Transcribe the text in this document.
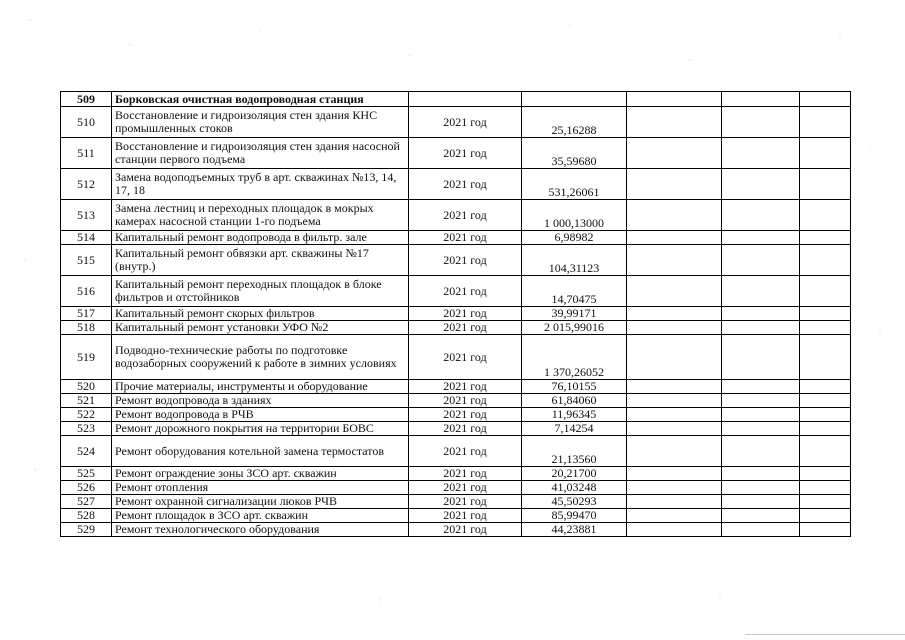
509	Борковская очистная водопроводная станция					
510	Восстановление и гидроизоляция стен здания КНС промышленных стоков	2021 год	25,16288			
511	Восстановление и гидроизоляция стен здания насосной станции первого подъема	2021 год	35,59680			
512	Замена водоподъемных труб в арт. скважинах №13, 14, 17, 18	2021 год	531,26061			
513	Замена лестниц и переходных площадок в мокрых камерах насосной станции 1-го подъема	2021 год	1 000,13000			
514	Капитальный ремонт водопровода в фильтр. зале	2021 год	6,98982			
515	Капитальный ремонт обвязки арт. скважины №17 (внутр.)	2021 год	104,31123			
516	Капитальный ремонт переходных площадок в блоке фильтров и отстойников	2021 год	14,70475			
517	Капитальный ремонт скорых фильтров	2021 год	39,99171			
518	Капитальный ремонт установки УФО №2	2021 год	2 015,99016			
519	Подводно-технические работы по подготовке водозаборных сооружений к работе в зимних условиях	2021 год	1 370,26052			
520	Прочие материалы, инструменты и оборудование	2021 год	76,10155			
521	Ремонт водопровода в зданиях	2021 год	61,84060			
522	Ремонт водопровода в РЧВ	2021 год	11,96345			
523	Ремонт дорожного покрытия на территории БОВС	2021 год	7,14254			
524	Ремонт оборудования котельной замена термостатов	2021 год	21,13560			
525	Ремонт ограждение зоны ЗСО арт. скважин	2021 год	20,21700			
526	Ремонт отопления	2021 год	41,03248			
527	Ремонт охранной сигнализации люков РЧВ	2021 год	45,50293			
528	Ремонт площадок в ЗСО арт. скважин	2021 год	85,99470			
529	Ремонт технологического оборудования	2021 год	44,23881			
